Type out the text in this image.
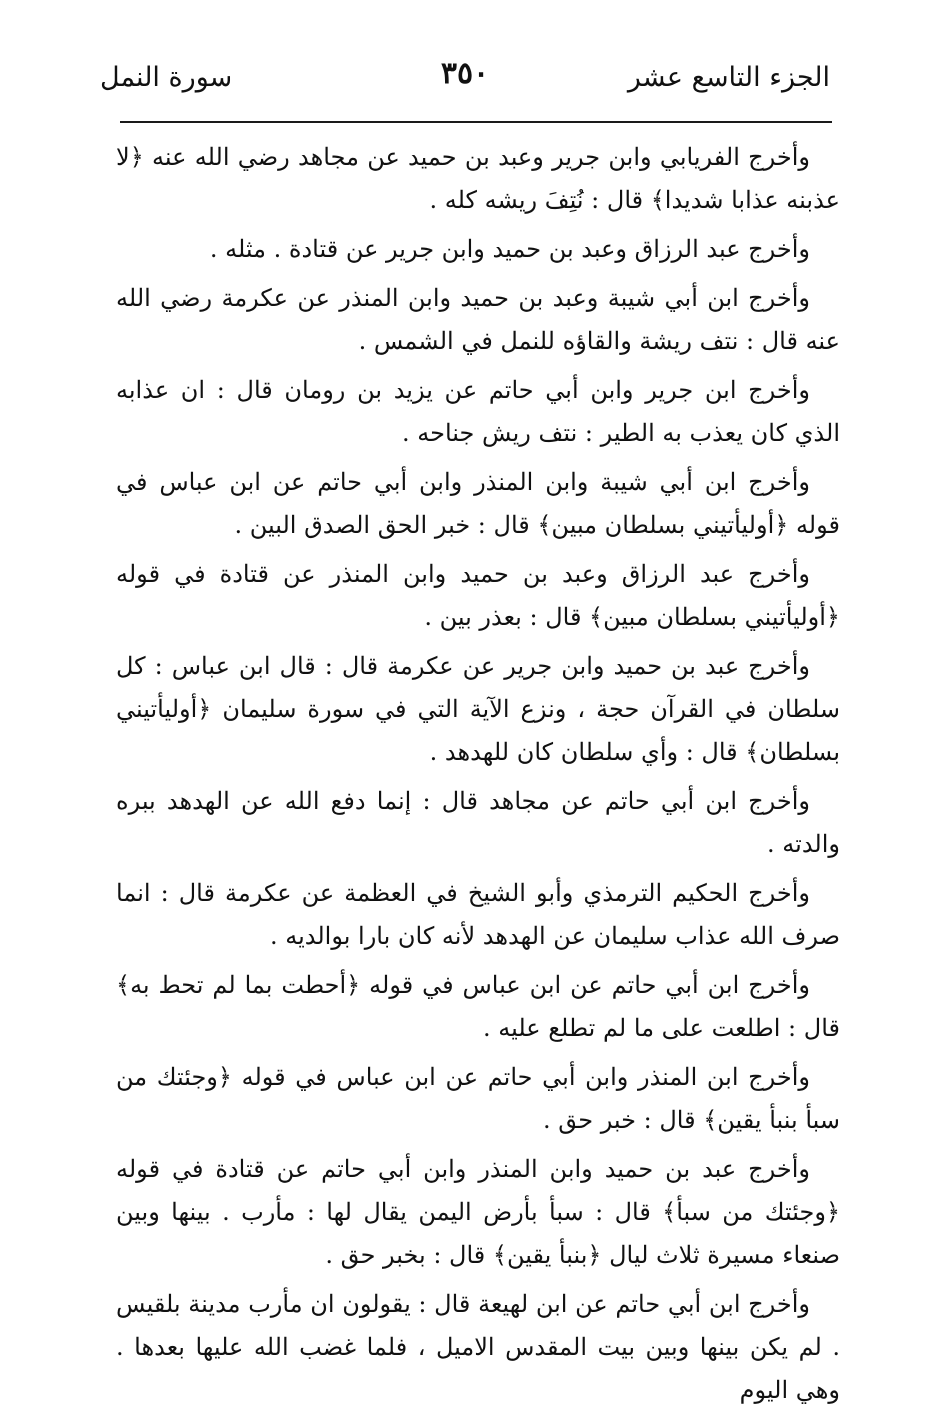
الجزء التاسع عشر
٣٥٠
سورة النمل

وأخرج الفريابي وابن جرير وعبد بن حميد عن مجاهد رضي الله عنه ﴿لا عذبنه عذابا شديدا﴾ قال : نُتِفَ ريشه كله .

وأخرج عبد الرزاق وعبد بن حميد وابن جرير عن قتادة . مثله .

وأخرج ابن أبي شيبة وعبد بن حميد وابن المنذر عن عكرمة رضي الله عنه قال : نتف ريشة والقاؤه للنمل في الشمس .

وأخرج ابن جرير وابن أبي حاتم عن يزيد بن رومان قال : ان عذابه الذي كان يعذب به الطير : نتف ريش جناحه .

وأخرج ابن أبي شيبة وابن المنذر وابن أبي حاتم عن ابن عباس في قوله ﴿أوليأتيني بسلطان مبين﴾ قال : خبر الحق الصدق البين .

وأخرج عبد الرزاق وعبد بن حميد وابن المنذر عن قتادة في قوله ﴿أوليأتيني بسلطان مبين﴾ قال : بعذر بين .

وأخرج عبد بن حميد وابن جرير عن عكرمة قال : قال ابن عباس : كل سلطان في القرآن حجة ، ونزع الآية التي في سورة سليمان ﴿أوليأتيني بسلطان﴾ قال : وأي سلطان كان للهدهد .

وأخرج ابن أبي حاتم عن مجاهد قال : إنما دفع الله عن الهدهد ببره والدته .

وأخرج الحكيم الترمذي وأبو الشيخ في العظمة عن عكرمة قال : انما صرف الله عذاب سليمان عن الهدهد لأنه كان بارا بوالديه .

وأخرج ابن أبي حاتم عن ابن عباس في قوله ﴿أحطت بما لم تحط به﴾ قال : اطلعت على ما لم تطلع عليه .

وأخرج ابن المنذر وابن أبي حاتم عن ابن عباس في قوله ﴿وجئتك من سبأ بنبأ يقين﴾ قال : خبر حق .

وأخرج عبد بن حميد وابن المنذر وابن أبي حاتم عن قتادة في قوله ﴿وجئتك من سبأ﴾ قال : سبأ بأرض اليمن يقال لها : مأرب . بينها وبين صنعاء مسيرة ثلاث ليال ﴿بنبأ يقين﴾ قال : بخبر حق .

وأخرج ابن أبي حاتم عن ابن لهيعة قال : يقولون ان مأرب مدينة بلقيس . لم يكن بينها وبين بيت المقدس الاميل ، فلما غضب الله عليها بعدها . وهي اليوم
